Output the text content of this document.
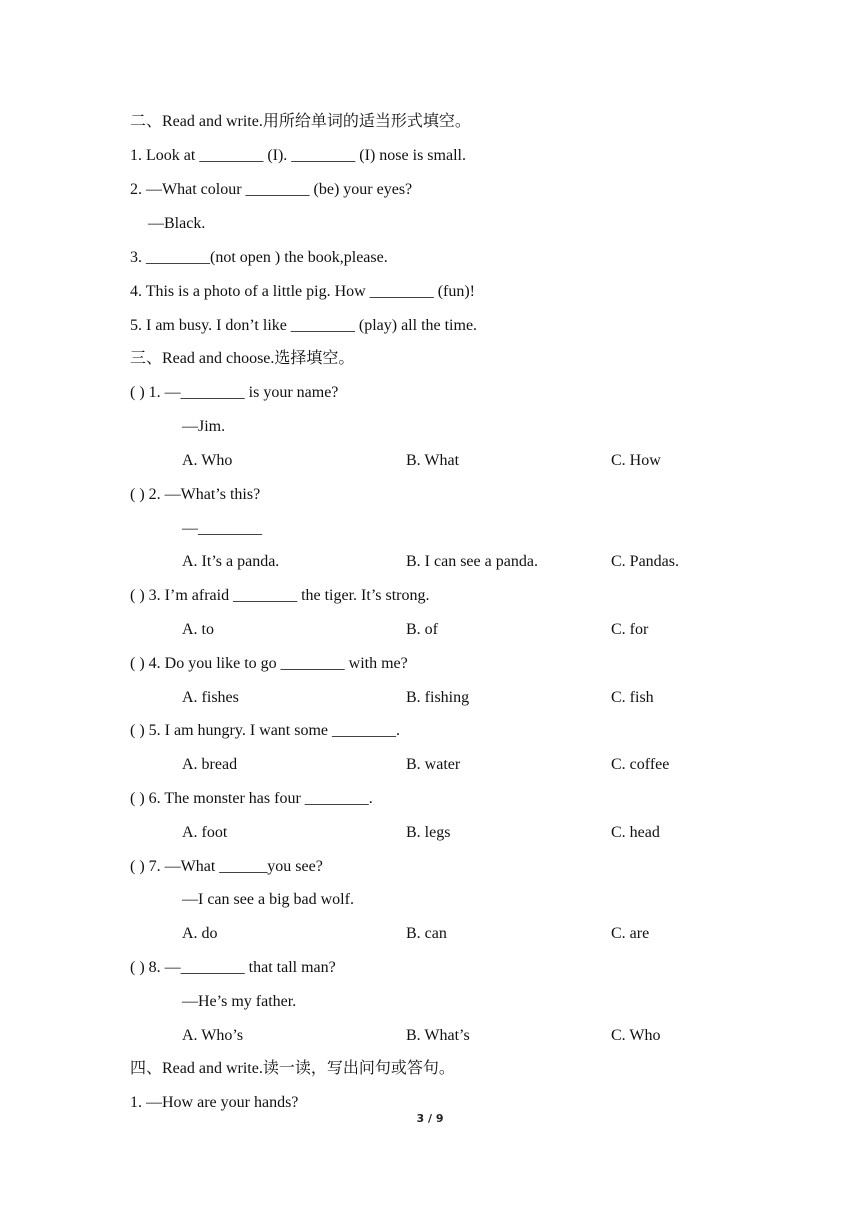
二、Read and write.用所给单词的适当形式填空。
1. Look at ________ (I). ________ (I) nose is small.
2. —What colour ________ (be) your eyes?
—Black.
3. ________(not open ) the book,please.
4. This is a photo of a little pig. How ________ (fun)!
5. I am busy. I don’t like ________ (play) all the time.
三、Read and choose.选择填空。
( ) 1. —________ is your name?
—Jim.
A. Who	B. What	C. How
( ) 2. —What’s this?
—________
A. It’s a panda.	B. I can see a panda.	C. Pandas.
( ) 3. I’m afraid ________ the tiger. It’s strong.
A. to	B. of	C. for
( ) 4. Do you like to go ________ with me?
A. fishes	B. fishing	C. fish
( ) 5. I am hungry. I want some ________.
A. bread	B. water	C. coffee
( ) 6. The monster has four ________.
A. foot	B. legs	C. head
( ) 7. —What ______you see?
—I can see a big bad wolf.
A. do	B. can	C. are
( ) 8. —________ that tall man?
—He’s my father.
A. Who’s	B. What’s	C. Who
四、Read and write.读一读，写出问句或答句。
1. —How are your hands?
3 / 9
